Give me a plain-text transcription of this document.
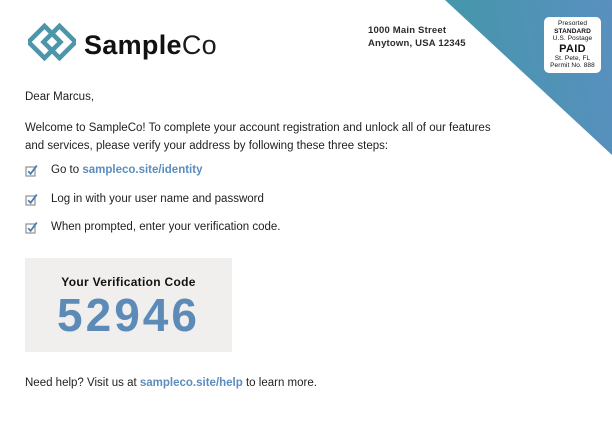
SampleCo	1000 Main Street
Anytown, USA 12345
Presorted
STANDARD
U.S. Postage
PAID
St. Pete, FL
Permit No. 888
Dear Marcus,
Welcome to SampleCo! To complete your account registration and unlock all of our features and services, please verify your address by following these three steps:
Go to sampleco.site/identity
Log in with your user name and password
When prompted, enter your verification code.
Your Verification Code
52946
Need help? Visit us at sampleco.site/help to learn more.
